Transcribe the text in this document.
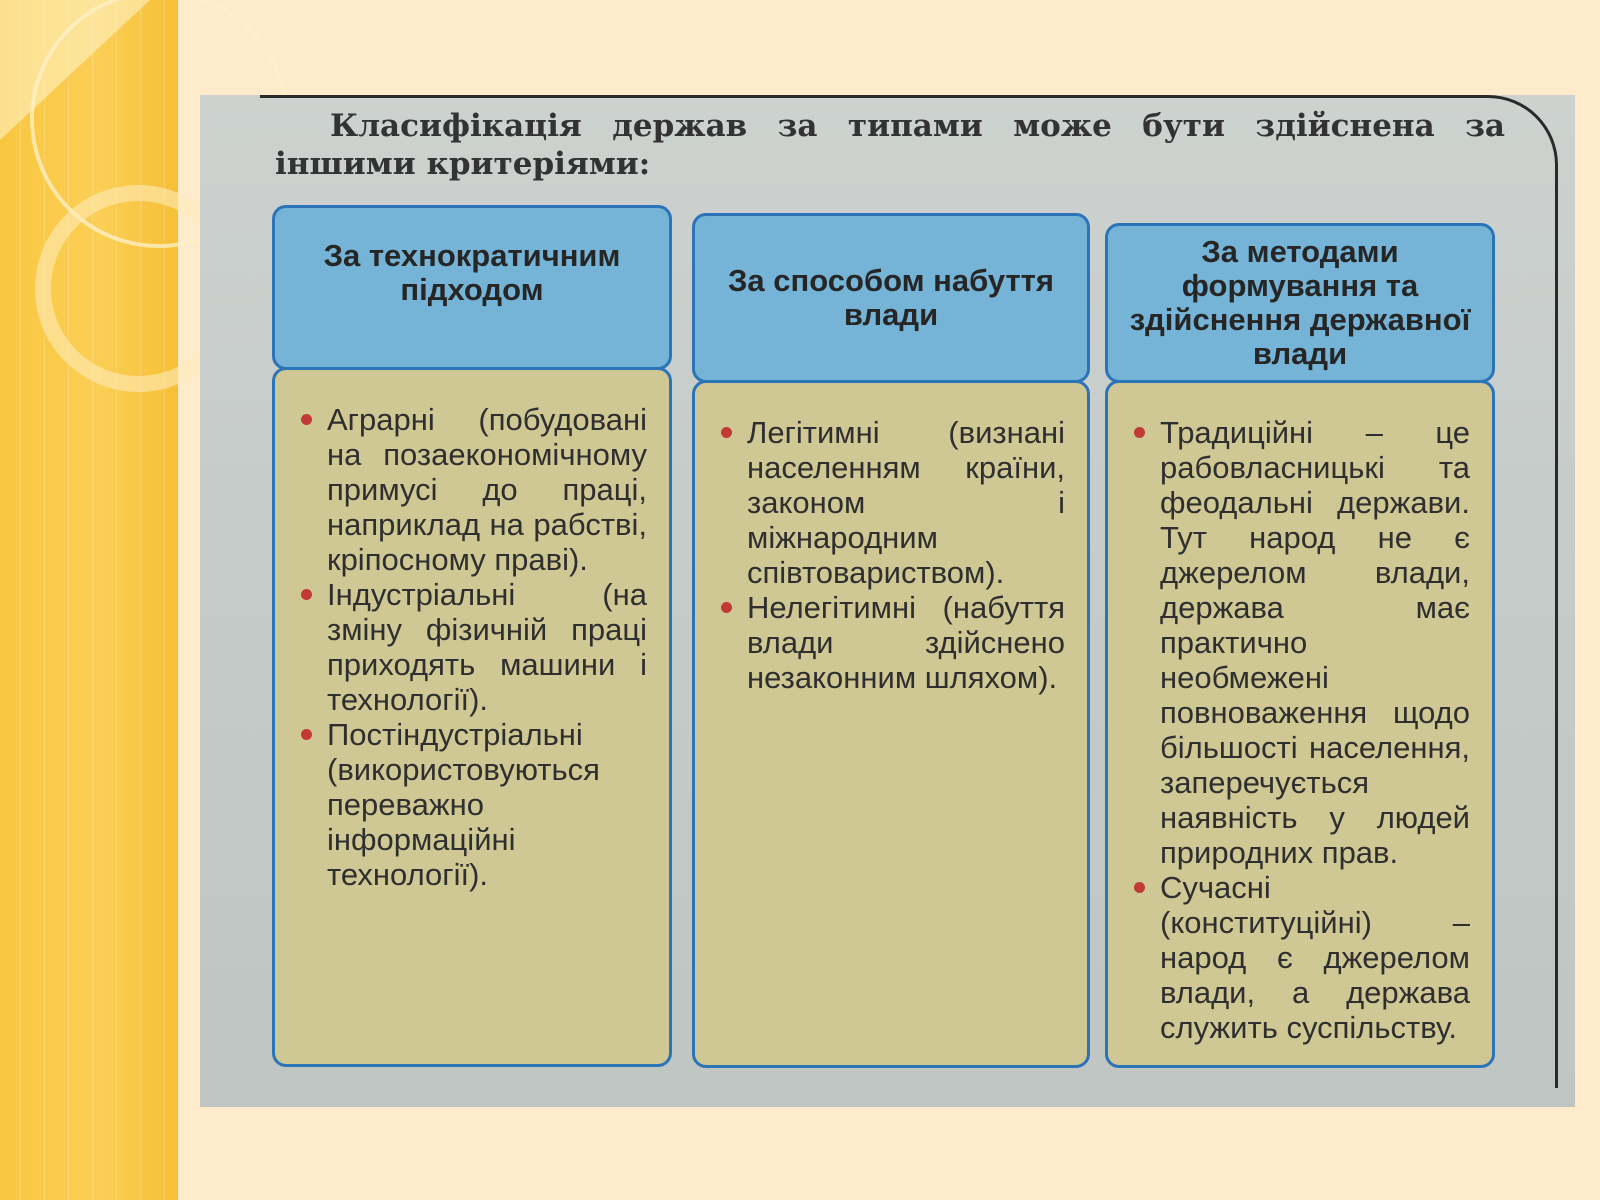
Класифікація держав за типами може бути здійснена за іншими критеріями:
За технократичним підходом
Аграрні (побудовані на позаекономічному примусі до праці, наприклад на рабстві, кріпосному праві).
Індустріальні (на зміну фізичній праці приходять машини і технології).
Постіндустріальні (використовуються переважно інформаційні технології).
За способом набуття влади
Легітимні (визнані населенням країни, законом і міжнародним співтовариством).
Нелегітимні (набуття влади здійснено незаконним шляхом).
За методами формування та здійснення державної влади
Традиційні – це рабовласницькі та феодальні держави. Тут народ не є джерелом влади, держава має практично необмежені повноваження щодо більшості населення, заперечується наявність у людей природних прав.
Сучасні (конституційні) – народ є джерелом влади, а держава служить суспільству.
